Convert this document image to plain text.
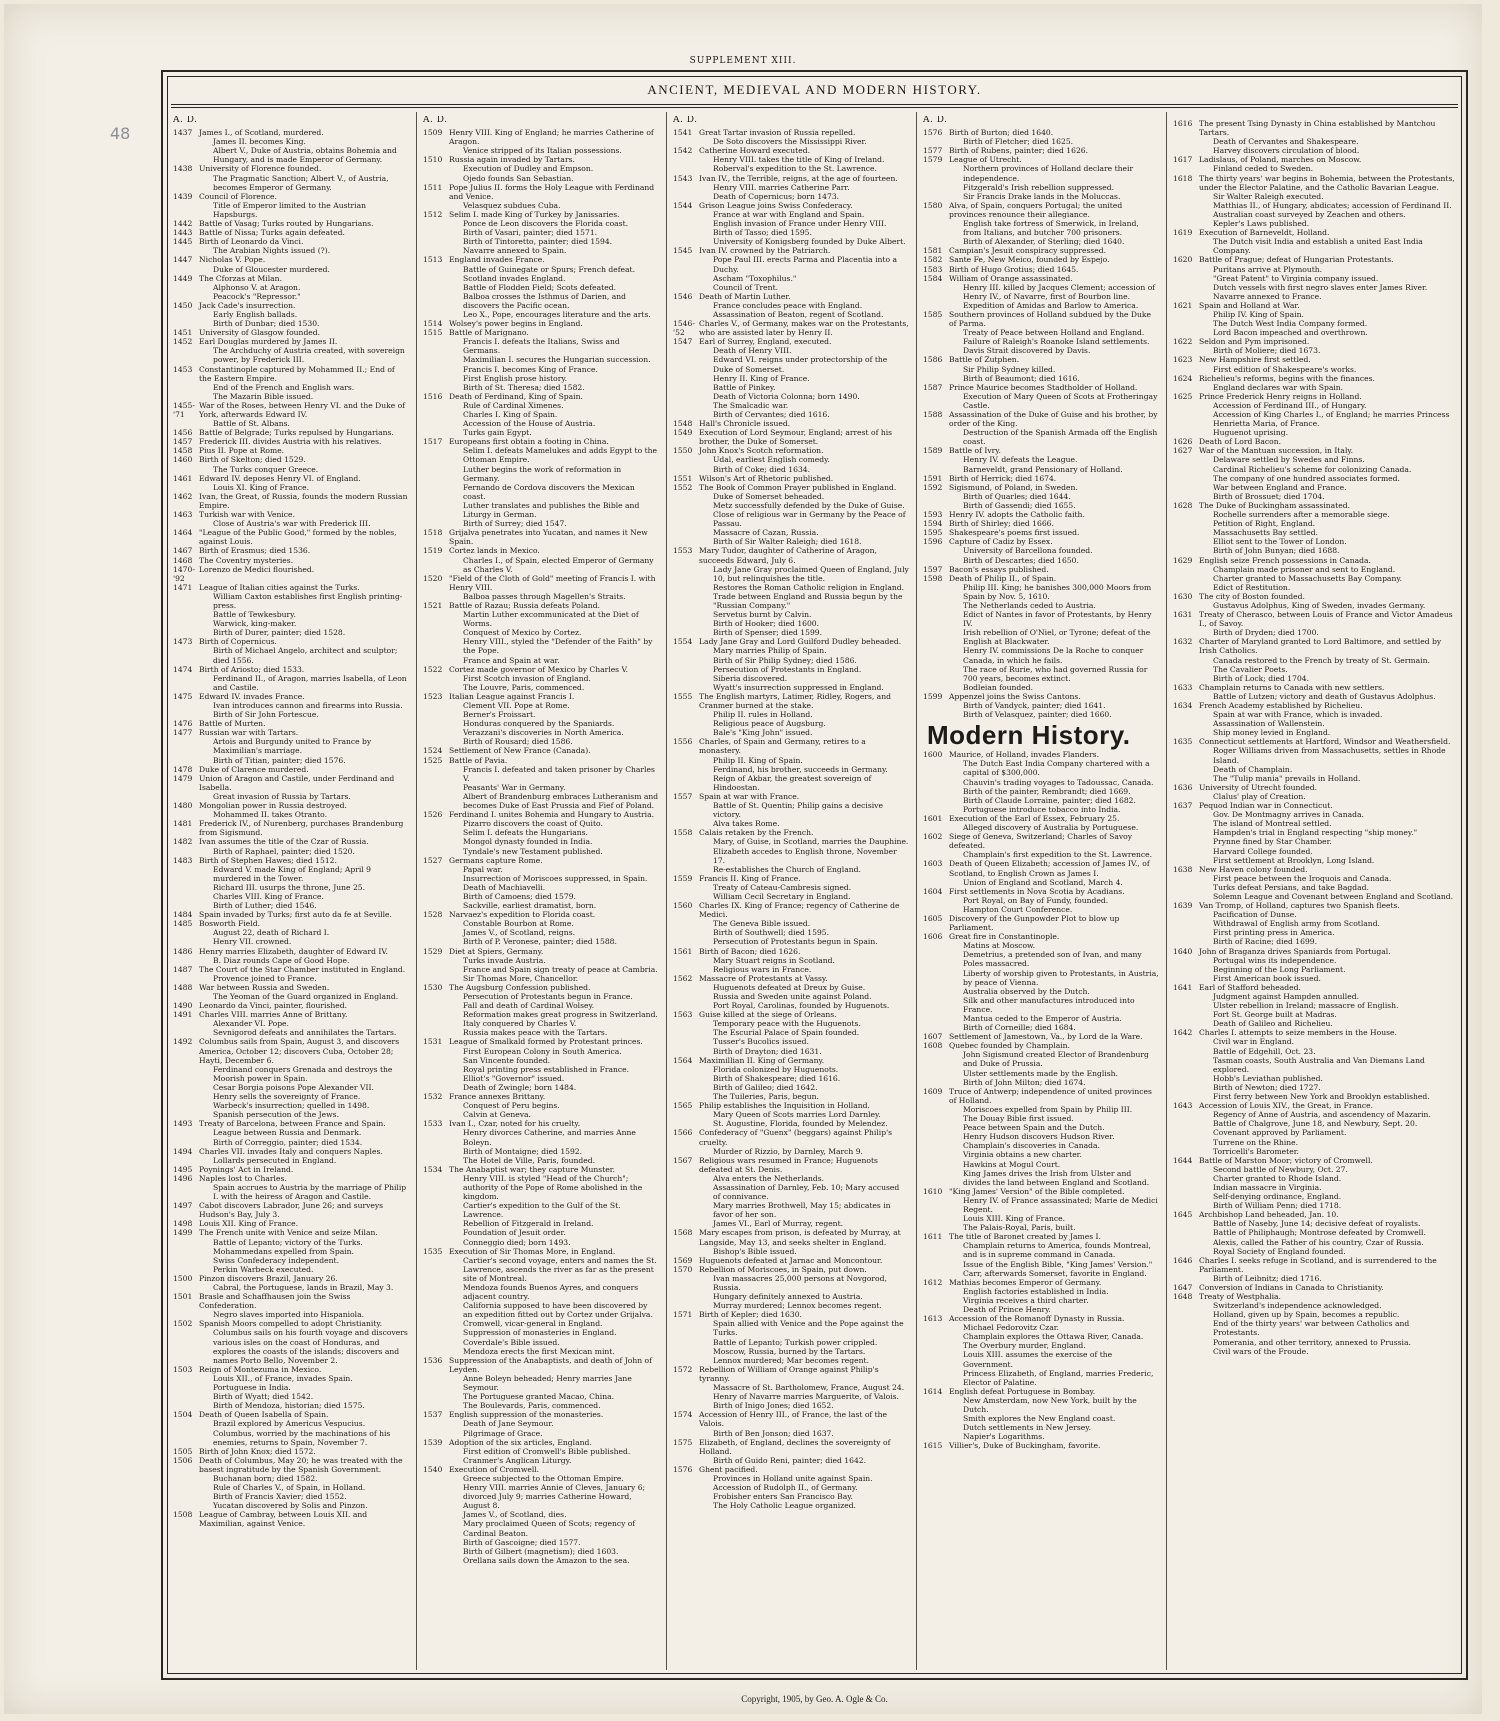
48
SUPPLEMENT XIII.
ANCIENT, MEDIEVAL AND MODERN HISTORY.
A. D.
1437 James I., of Scotland, murdered.
James II. becomes King.
Albert V., Duke of Austria, obtains Bohemia and Hungary, and is made Emperor of Germany.
1438 University of Florence founded.
The Pragmatic Sanction; Albert V., of Austria, becomes Emperor of Germany.
1439 Council of Florence.
Title of Emperor limited to the Austrian Hapsburgs.
1442 Battle of Vasag; Turks routed by Hungarians.
1443 Battle of Nissa; Turks again defeated.
1445 Birth of Leonardo da Vinci.
The Arabian Nights issued (?).
1447 Nicholas V. Pope.
Duke of Gloucester murdered.
1449 The Cforzas at Milan.
Alphonso V. at Aragon.
Peacock's "Repressor."
1450 Jack Cade's insurrection.
Early English ballads.
Birth of Dunbar; died 1530.
1451 University of Glasgow founded.
1452 Earl Douglas murdered by James II.
The Archduchy of Austria created, with sovereign power, by Frederick III.
1453 Constantinople captured by Mohammed II.; End of the Eastern Empire.
End of the French and English wars.
The Mazarin Bible issued.
1455-'71
War of the Roses, between Henry VI. and the Duke of York, afterwards Edward IV.
Battle of St. Albans.
1456 Battle of Belgrade; Turks repulsed by Hungarians.
1457 Frederick III. divides Austria with his relatives.
1458 Pius II. Pope at Rome.
1460 Birth of Skelton; died 1529.
The Turks conquer Greece.
1461 Edward IV. deposes Henry VI. of England.
Louis XI. King of France.
1462 Ivan, the Great, of Russia, founds the modern Russian Empire.
1463 Turkish war with Venice.
Close of Austria's war with Frederick III.
1464 "League of the Public Good," formed by the nobles, against Louis.
1467 Birth of Erasmus; died 1536.
1468 The Coventry mysteries.
1470-'92
Lorenzo de Medici flourished.
1471 League of Italian cities against the Turks.
William Caxton establishes first English printing-press.
Battle of Tewkesbury.
Warwick, king-maker.
Birth of Durer, painter; died 1528.
1473 Birth of Copernicus.
Birth of Michael Angelo, architect and sculptor; died 1556.
1474 Birth of Ariosto; died 1533.
Ferdinand II., of Aragon, marries Isabella, of Leon and Castile.
1475 Edward IV. invades France.
Ivan introduces cannon and firearms into Russia.
Birth of Sir John Fortescue.
1476 Battle of Murten.
1477 Russian war with Tartars.
Artois and Burgundy united to France by Maximilian's marriage.
Birth of Titian, painter; died 1576.
1478 Duke of Clarence murdered.
1479 Union of Aragon and Castile, under Ferdinand and Isabella.
Great invasion of Russia by Tartars.
1480 Mongolian power in Russia destroyed.
Mohammed II. takes Otranto.
1481 Frederick IV., of Nurenberg, purchases Brandenburg from Sigismund.
1482 Ivan assumes the title of the Czar of Russia.
Birth of Raphael, painter; died 1520.
1483 Birth of Stephen Hawes; died 1512.
Edward V. made King of England; April 9 murdered in the Tower.
Richard III. usurps the throne, June 25.
Charles VIII. King of France.
Birth of Luther; died 1546.
1484 Spain invaded by Turks; first auto da fe at Seville.
1485 Bosworth Field.
August 22, death of Richard I.
Henry VII. crowned.
1486 Henry marries Elizabeth, daughter of Edward IV.
B. Diaz rounds Cape of Good Hope.
1487 The Court of the Star Chamber instituted in England.
Provence joined to France.
1488 War between Russia and Sweden.
The Yeoman of the Guard organized in England.
1490 Leonardo da Vinci, painter, flourished.
1491 Charles VIII. marries Anne of Brittany.
Alexander VI. Pope.
Sevnigorod defeats and annihilates the Tartars.
1492 Columbus sails from Spain, August 3, and discovers America, October 12; discovers Cuba, October 28; Hayti, December 6.
Ferdinand conquers Grenada and destroys the Moorish power in Spain.
Cesar Borgia poisons Pope Alexander VII.
Henry sells the sovereignty of France.
Warbeck's insurrection; quelled in 1498.
Spanish persecution of the Jews.
1493 Treaty of Barcelona, between France and Spain.
League between Russia and Denmark.
Birth of Correggio, painter; died 1534.
1494 Charles VII. invades Italy and conquers Naples.
Lollards persecuted in England.
1495 Poynings' Act in Ireland.
1496 Naples lost to Charles.
Spain accrues to Austria by the marriage of Philip I. with the heiress of Aragon and Castile.
1497 Cabot discovers Labrador, June 26; and surveys Hudson's Bay, July 3.
1498 Louis XII. King of France.
1499 The French unite with Venice and seize Milan.
Battle of Lepanto; victory of the Turks.
Mohammedans expelled from Spain.
Swiss Confederacy independent.
Perkin Warbeck executed.
1500 Pinzon discovers Brazil, January 26.
Cabral, the Portuguese, lands in Brazil, May 3.
1501 Brasle and Schaffhausen join the Swiss Confederation.
Negro slaves imported into Hispaniola.
1502 Spanish Moors compelled to adopt Christianity.
Columbus sails on his fourth voyage and discovers various isles on the coast of Honduras, and explores the coasts of the islands; discovers and names Porto Bello, November 2.
1503 Reign of Montezuma in Mexico.
Louis XII., of France, invades Spain.
Portuguese in India.
Birth of Wyatt; died 1542.
Birth of Mendoza, historian; died 1575.
1504 Death of Queen Isabella of Spain.
Brazil explored by Americus Vespucius.
Columbus, worried by the machinations of his enemies, returns to Spain, November 7.
1505 Birth of John Knox; died 1572.
1506 Death of Columbus, May 20; he was treated with the basest ingratitude by the Spanish Government.
Buchanan born; died 1582.
Rule of Charles V., of Spain, in Holland.
Birth of Francis Xavier; died 1552.
Yucatan discovered by Solis and Pinzon.
1508 League of Cambray, between Louis XII. and Maximilian, against Venice.
A. D.
1509 Henry VIII. King of England; he marries Catherine of Aragon.
Venice stripped of its Italian possessions.
1510 Russia again invaded by Tartars.
Execution of Dudley and Empson.
Ojedo founds San Sebastian.
1511 Pope Julius II. forms the Holy League with Ferdinand and Venice.
Velasquez subdues Cuba.
1512 Selim I. made King of Turkey by Janissaries.
Ponce de Leon discovers the Florida coast.
Birth of Vasari, painter; died 1571.
Birth of Tintoretto, painter; died 1594.
Navarre annexed to Spain.
1513 England invades France.
Battle of Guinegate or Spurs; French defeat.
Scotland invades England.
Battle of Flodden Field; Scots defeated.
Balboa crosses the Isthmus of Darien, and discovers the Pacific ocean.
Leo X., Pope, encourages literature and the arts.
1514 Wolsey's power begins in England.
1515 Battle of Marignano.
Francis I. defeats the Italians, Swiss and Germans.
Maximilian I. secures the Hungarian succession.
Francis I. becomes King of France.
First English prose history.
Birth of St. Theresa; died 1582.
1516 Death of Ferdinand, King of Spain.
Rule of Cardinal Ximenes.
Charles I. King of Spain.
Accession of the House of Austria.
Turks gain Egypt.
1517 Europeans first obtain a footing in China.
Selim I. defeats Mamelukes and adds Egypt to the Ottoman Empire.
Luther begins the work of reformation in Germany.
Fernando de Cordova discovers the Mexican coast.
Luther translates and publishes the Bible and Liturgy in German.
Birth of Surrey; died 1547.
1518 Grijalva penetrates into Yucatan, and names it New Spain.
1519 Cortez lands in Mexico.
Charles I., of Spain, elected Emperor of Germany as Charles V.
1520 "Field of the Cloth of Gold" meeting of Francis I. with Henry VIII.
Balboa passes through Magellen's Straits.
1521 Battle of Razau; Russia defeats Poland.
Martin Luther excommunicated at the Diet of Worms.
Conquest of Mexico by Cortez.
Henry VIII., styled the "Defender of the Faith" by the Pope.
France and Spain at war.
1522 Cortez made governor of Mexico by Charles V.
First Scotch invasion of England.
The Louvre, Paris, commenced.
1523 Italian League against Francis I.
Clement VII. Pope at Rome.
Berner's Froissart.
Honduras conquered by the Spaniards.
Verazzani's discoveries in North America.
Birth of Rousard; died 1586.
1524 Settlement of New France (Canada).
1525 Battle of Pavia.
Francis I. defeated and taken prisoner by Charles V.
Peasants' War in Germany.
Albert of Brandenburg embraces Lutheranism and becomes Duke of East Prussia and Fief of Poland.
1526 Ferdinand I. unites Bohemia and Hungary to Austria.
Pizarro discovers the coast of Quito.
Selim I. defeats the Hungarians.
Mongol dynasty founded in India.
Tyndale's new Testament published.
1527 Germans capture Rome.
Papal war.
Insurrection of Moriscoes suppressed, in Spain.
Death of Machiavelli.
Birth of Camoens; died 1579.
Sackville, earliest dramatist, born.
1528 Narvaez's expedition to Florida coast.
Constable Bourbon at Rome.
James V., of Scotland, reigns.
Birth of P. Veronese, painter; died 1588.
1529 Diet at Spiers, Germany.
Turks invade Austria.
France and Spain sign treaty of peace at Cambria.
Sir Thomas More, Chancellor.
1530 The Augsburg Confession published.
Persecution of Protestants begun in France.
Fall and death of Cardinal Wolsey.
Reformation makes great progress in Switzerland.
Italy conquered by Charles V.
Russia makes peace with the Tartars.
1531 League of Smalkald formed by Protestant princes.
First European Colony in South America.
San Vincente founded.
Royal printing press established in France.
Elliot's "Governor" issued.
Death of Zwingle; born 1484.
1532 France annexes Brittany.
Conquest of Peru begins.
Calvin at Geneva.
1533 Ivan I., Czar, noted for his cruelty.
Henry divorces Catherine, and marries Anne Boleyn.
Birth of Montaigne; died 1592.
The Hotel de Ville, Paris, founded.
1534 The Anabaptist war; they capture Munster.
Henry VIII. is styled "Head of the Church"; authority of the Pope of Rome abolished in the kingdom.
Cartier's expedition to the Gulf of the St. Lawrence.
Rebellion of Fitzgerald in Ireland.
Foundation of Jesuit order.
Conneggio died; born 1493.
1535 Execution of Sir Thomas More, in England.
Cartier's second voyage, enters and names the St. Lawrence, ascends the river as far as the present site of Montreal.
Mendoza founds Buenos Ayres, and conquers adjacent country.
California supposed to have been discovered by an expedition fitted out by Cortez under Grijalva.
Cromwell, vicar-general in England.
Suppression of monasteries in England.
Coverdale's Bible issued.
Mendoza erects the first Mexican mint.
1536 Suppression of the Anabaptists, and death of John of Leyden.
Anne Boleyn beheaded; Henry marries Jane Seymour.
The Portuguese granted Macao, China.
The Boulevards, Paris, commenced.
1537 English suppression of the monasteries.
Death of Jane Seymour.
Pilgrimage of Grace.
1539 Adoption of the six articles, England.
First edition of Cromwell's Bible published.
Cranmer's Anglican Liturgy.
1540 Execution of Cromwell.
Greece subjected to the Ottoman Empire.
Henry VIII. marries Annie of Cleves, January 6; divorced July 9; marries Catherine Howard, August 8.
James V., of Scotland, dies.
Mary proclaimed Queen of Scots; regency of Cardinal Beaton.
Birth of Gascoigne; died 1577.
Birth of Gilbert (magnetism); died 1603.
Orellana sails down the Amazon to the sea.
A. D.
1541 Great Tartar invasion of Russia repelled.
De Soto discovers the Mississippi River.
1542 Catherine Howard executed.
Henry VIII. takes the title of King of Ireland.
Roberval's expedition to the St. Lawrence.
1543 Ivan IV., the Terrible, reigns, at the age of fourteen.
Henry VIII. marries Catherine Parr.
Death of Copernicus; born 1473.
1544 Grison League joins Swiss Confederacy.
France at war with England and Spain.
English invasion of France under Henry VIII.
Birth of Tasso; died 1595.
University of Konigsberg founded by Duke Albert.
1545 Ivan IV. crowned by the Patriarch.
Pope Paul III. erects Parma and Placentia into a Duchy.
Ascham "Toxophilus."
Council of Trent.
1546 Death of Martin Luther.
France concludes peace with England.
Assassination of Beaton, regent of Scotland.
1546-'52
Charles V., of Germany, makes war on the Protestants, who are assisted later by Henry II.
1547 Earl of Surrey, England, executed.
Death of Henry VIII.
Edward VI. reigns under protectorship of the Duke of Somerset.
Henry II. King of France.
Battle of Pinkey.
Death of Victoria Colonna; born 1490.
The Smalcadic war.
Birth of Cervantes; died 1616.
1548 Hall's Chronicle issued.
1549 Execution of Lord Seymour, England; arrest of his brother, the Duke of Somerset.
1550 John Knox's Scotch reformation.
Udal, earliest English comedy.
Birth of Coke; died 1634.
1551 Wilson's Art of Rhetoric published.
1552 The Book of Common Prayer published in England.
Duke of Somerset beheaded.
Metz successfully defended by the Duke of Guise.
Close of religious war in Germany by the Peace of Passau.
Massacre of Cazan, Russia.
Birth of Sir Walter Raleigh; died 1618.
1553 Mary Tudor, daughter of Catherine of Aragon, succeeds Edward, July 6.
Lady Jane Gray proclaimed Queen of England, July 10, but relinquishes the title.
Restores the Roman Catholic religion in England.
Trade between England and Russia begun by the "Russian Company."
Servetus burnt by Calvin.
Birth of Hooker; died 1600.
Birth of Spenser; died 1599.
1554 Lady Jane Gray and Lord Guilford Dudley beheaded.
Mary marries Philip of Spain.
Birth of Sir Philip Sydney; died 1586.
Persecution of Protestants in England.
Siberia discovered.
Wyatt's insurrection suppressed in England.
1555 The English martyrs, Latimer, Ridley, Rogers, and Cranmer burned at the stake.
Philip II. rules in Holland.
Religious peace of Augsburg.
Bale's "King John" issued.
1556 Charles, of Spain and Germany, retires to a monastery.
Philip II. King of Spain.
Ferdinand, his brother, succeeds in Germany.
Reign of Akbar, the greatest sovereign of Hindoostan.
1557 Spain at war with France.
Battle of St. Quentin; Philip gains a decisive victory.
Alva takes Rome.
1558 Calais retaken by the French.
Mary, of Guise, in Scotland, marries the Dauphine.
Elizabeth accedes to English throne, November 17.
Re-establishes the Church of England.
1559 Francis II. King of France.
Treaty of Cateau-Cambresis signed.
William Cecil Secretary in England.
1560 Charles IX. King of France; regency of Catherine de Medici.
The Geneva Bible issued.
Birth of Southwell; died 1595.
Persecution of Protestants begun in Spain.
1561 Birth of Bacon; died 1626.
Mary Stuart reigns in Scotland.
Religious wars in France.
1562 Massacre of Protestants at Vassy.
Huguenots defeated at Dreux by Guise.
Russia and Sweden unite against Poland.
Port Royal, Carolinas, founded by Huguenots.
1563 Guise killed at the siege of Orleans.
Temporary peace with the Huguenots.
The Escurial Palace of Spain founded.
Tusser's Bucolics issued.
Birth of Drayton; died 1631.
1564 Maximillian II. King of Germany.
Florida colonized by Huguenots.
Birth of Shakespeare; died 1616.
Birth of Galileo; died 1642.
The Tuileries, Paris, begun.
1565 Philip establishes the Inquisition in Holland.
Mary Queen of Scots marries Lord Darnley.
St. Augustine, Florida, founded by Melendez.
1566 Confederacy of "Guenx" (beggars) against Philip's cruelty.
Murder of Rizzio, by Darnley, March 9.
1567 Religious wars resumed in France; Huguenots defeated at St. Denis.
Alva enters the Netherlands.
Assassination of Darnley, Feb. 10; Mary accused of connivance.
Mary marries Brothwell, May 15; abdicates in favor of her son.
James VI., Earl of Murray, regent.
1568 Mary escapes from prison, is defeated by Murray, at Langside, May 13, and seeks shelter in England.
Bishop's Bible issued.
1569 Huguenots defeated at Jarnac and Moncontour.
1570 Rebellion of Moriscoes, in Spain, put down.
Ivan massacres 25,000 persons at Novgorod, Russia.
Hungary definitely annexed to Austria.
Murray murdered; Lennox becomes regent.
1571 Birth of Kepler; died 1630.
Spain allied with Venice and the Pope against the Turks.
Battle of Lepanto; Turkish power crippled.
Moscow, Russia, burned by the Tartars.
Lennox murdered; Mar becomes regent.
1572 Rebellion of William of Orange against Philip's tyranny.
Massacre of St. Bartholomew, France, August 24.
Henry of Navarre marries Marguerite, of Valois.
Birth of Inigo Jones; died 1652.
1574 Accession of Henry III., of France, the last of the Valois.
Birth of Ben Jonson; died 1637.
1575 Elizabeth, of England, declines the sovereignty of Holland.
Birth of Guido Reni, painter; died 1642.
1576 Ghent pacified.
Provinces in Holland unite against Spain.
Accession of Rudolph II., of Germany.
Frobisher enters San Francisco Bay.
The Holy Catholic League organized.
A. D.
1576 Birth of Burton; died 1640.
Birth of Fletcher; died 1625.
1577 Birth of Rubens, painter; died 1626.
1579 League of Utrecht.
Northern provinces of Holland declare their independence.
Fitzgerald's Irish rebellion suppressed.
Sir Francis Drake lands in the Moluccas.
1580 Alva, of Spain, conquers Portugal; the united provinces renounce their allegiance.
English take fortress of Smerwick, in Ireland, from Italians, and butcher 700 prisoners.
Birth of Alexander, of Sterling; died 1640.
1581 Campian's Jesuit conspiracy suppressed.
1582 Sante Fe, New Meico, founded by Espejo.
1583 Birth of Hugo Grotius; died 1645.
1584 William of Orange assassinated.
Henry III. killed by Jacques Clement; accession of Henry IV., of Navarre, first of Bourbon line.
Expedition of Amidas and Barlow to America.
1585 Southern provinces of Holland subdued by the Duke of Parma.
Treaty of Peace between Holland and England.
Failure of Raleigh's Roanoke Island settlements.
Davis Strait discovered by Davis.
1586 Battle of Zutphen.
Sir Philip Sydney killed.
Birth of Beaumont; died 1616.
1587 Prince Maurice becomes Stadtholder of Holland.
Execution of Mary Queen of Scots at Frotheringay Castle.
1588 Assassination of the Duke of Guise and his brother, by order of the King.
Destruction of the Spanish Armada off the English coast.
1589 Battle of Ivry.
Henry IV. defeats the League.
Barneveldt, grand Pensionary of Holland.
1591 Birth of Herrick; died 1674.
1592 Sigismund, of Poland, in Sweden.
Birth of Quarles; died 1644.
Birth of Gassendi; died 1655.
1593 Henry IV. adopts the Catholic faith.
1594 Birth of Shirley; died 1666.
1595 Shakespeare's poems first issued.
1596 Capture of Cadiz by Essex.
University of Barcellona founded.
Birth of Descartes; died 1650.
1597 Bacon's essays published.
1598 Death of Philip II., of Spain.
Philip III. King; he banishes 300,000 Moors from Spain by Nov. 5, 1610.
The Netherlands ceded to Austria.
Edict of Nantes in favor of Protestants, by Henry IV.
Irish rebellion of O'Niel, or Tyrone; defeat of the English at Blackwater.
Henry IV. commissions De la Roche to conquer Canada, in which he fails.
The race of Rurie, who had governed Russia for 700 years, becomes extinct.
Bodleian founded.
1599 Appenzel joins the Swiss Cantons.
Birth of Vandyck, painter; died 1641.
Birth of Velasquez, painter; died 1660.
Modern History.
1600 Maurice, of Holland, invades Flanders.
The Dutch East India Company chartered with a capital of $300,000.
Chauvin's trading voyages to Tadoussac, Canada.
Birth of the painter, Rembrandt; died 1669.
Birth of Claude Lorraine, painter; died 1682.
Portuguese introduce tobacco into India.
1601 Execution of the Earl of Essex, February 25.
Alleged discovery of Australia by Portuguese.
1602 Siege of Geneva, Switzerland; Charles of Savoy defeated.
Champlain's first expedition to the St. Lawrence.
1603 Death of Queen Elizabeth; accession of James IV., of Scotland, to English Crown as James I.
Union of England and Scotland, March 4.
1604 First settlements in Nova Scotia by Acadians.
Port Royal, on Bay of Fundy, founded.
Hampton Court Conference.
1605 Discovery of the Gunpowder Plot to blow up Parliament.
1606 Great fire in Constantinople.
Matins at Moscow.
Demetrius, a pretended son of Ivan, and many Poles massacred.
Liberty of worship given to Protestants, in Austria, by peace of Vienna.
Australia observed by the Dutch.
Silk and other manufactures introduced into France.
Mantua ceded to the Emperor of Austria.
Birth of Corneille; died 1684.
1607 Settlement of Jamestown, Va., by Lord de la Ware.
1608 Quebec founded by Champlain.
John Sigismund created Elector of Brandenburg and Duke of Prussia.
Ulster settlements made by the English.
Birth of John Milton; died 1674.
1609 Truce of Antwerp; independence of united provinces of Holland.
Moriscoes expelled from Spain by Philip III.
The Douay Bible first issued.
Peace between Spain and the Dutch.
Henry Hudson discovers Hudson River.
Champlain's discoveries in Canada.
Virginia obtains a new charter.
Hawkins at Mogul Court.
King James drives the Irish from Ulster and divides the land between England and Scotland.
1610 "King James' Version" of the Bible completed.
Henry IV. of France assassinated; Marie de Medici Regent.
Louis XIII. King of France.
The Palais-Royal, Paris, built.
1611 The title of Baronet created by James I.
Champlain returns to America, founds Montreal, and is in supreme command in Canada.
Issue of the English Bible, "King James' Version."
Carr, afterwards Somerset, favorite in England.
1612 Mathias becomes Emperor of Germany.
English factories established in India.
Virginia receives a third charter.
Death of Prince Henry.
1613 Accession of the Romanoff Dynasty in Russia.
Michael Fedorovitz Czar.
Champlain explores the Ottawa River, Canada.
The Overbury murder, England.
Louis XIII. assumes the exercise of the Government.
Princess Elizabeth, of England, marries Frederic, Elector of Palatine.
1614 English defeat Portuguese in Bombay.
New Amsterdam, now New York, built by the Dutch.
Smith explores the New England coast.
Dutch settlements in New Jersey.
Napier's Logarithms.
1615 Villier's, Duke of Buckingham, favorite.
1616 The present Tsing Dynasty in China established by Mantchou Tartars.
Death of Cervantes and Shakespeare.
Harvey discovers circulation of blood.
1617 Ladislaus, of Poland, marches on Moscow.
Finland ceded to Sweden.
1618 The thirty years' war begins in Bohemia, between the Protestants, under the Elector Palatine, and the Catholic Bavarian League.
Sir Walter Raleigh executed.
Matthias II., of Hungary, abdicates; accession of Ferdinand II.
Australian coast surveyed by Zeachen and others.
Kepler's Laws published.
1619 Execution of Barneveldt, Holland.
The Dutch visit India and establish a united East India Company.
1620 Battle of Prague; defeat of Hungarian Protestants.
Puritans arrive at Plymouth.
"Great Patent" to Virginia company issued.
Dutch vessels with first negro slaves enter James River.
Navarre annexed to France.
1621 Spain and Holland at War.
Philip IV. King of Spain.
The Dutch West India Company formed.
Lord Bacon impeached and overthrown.
1622 Seldon and Pym imprisoned.
Birth of Moliere; died 1673.
1623 New Hampshire first settled.
First edition of Shakespeare's works.
1624 Richelieu's reforms, begins with the finances.
England declares war with Spain.
1625 Prince Frederick Henry reigns in Holland.
Accession of Ferdinand III., of Hungary.
Accession of King Charles I., of England; he marries Princess Henrietta Maria, of France.
Huguenot uprising.
1626 Death of Lord Bacon.
1627 War of the Mantuan succession, in Italy.
Delaware settled by Swedes and Finns.
Cardinal Richelieu's scheme for colonizing Canada.
The company of one hundred associates formed.
War between England and France.
Birth of Brossuet; died 1704.
1628 The Duke of Buckingham assassinated.
Rochelle surrenders after a memorable siege.
Petition of Right, England.
Massachusetts Bay settled.
Elliot sent to the Tower of London.
Birth of John Bunyan; died 1688.
1629 English seize French possessions in Canada.
Champlain made prisoner and sent to England.
Charter granted to Massachusetts Bay Company.
Edict of Restitution.
1630 The city of Boston founded.
Gustavus Adolphus, King of Sweden, invades Germany.
1631 Treaty of Cherasco, between Louis of France and Victor Amadeus I., of Savoy.
Birth of Dryden; died 1700.
1632 Charter of Maryland granted to Lord Baltimore, and settled by Irish Catholics.
Canada restored to the French by treaty of St. Germain.
The Cavalier Poets.
Birth of Lock; died 1704.
1633 Champlain returns to Canada with new settlers.
Battle of Lutzen; victory and death of Gustavus Adolphus.
1634 French Academy established by Richelieu.
Spain at war with France, which is invaded.
Assassination of Wallenstein.
Ship money levied in England.
1635 Connecticut settlements at Hartford, Windsor and Weathersfield.
Roger Williams driven from Massachusetts, settles in Rhode Island.
Death of Champlain.
The "Tulip mania" prevails in Holland.
1636 University of Utrecht founded.
Clalus' play of Creation.
1637 Pequod Indian war in Connecticut.
Gov. De Montmagny arrives in Canada.
The island of Montreal settled.
Hampden's trial in England respecting "ship money."
Prynne fined by Star Chamber.
Harvard College founded.
First settlement at Brooklyn, Long Island.
1638 New Haven colony founded.
First peace between the Iroquois and Canada.
Turks defeat Persians, and take Bagdad.
Solemn League and Covenant between England and Scotland.
1639 Van Tromp, of Holland, captures two Spanish fleets.
Pacification of Dunse.
Withdrawal of English army from Scotland.
First printing press in America.
Birth of Racine; died 1699.
1640 John of Braganza drives Spaniards from Portugal.
Portugal wins its independence.
Beginning of the Long Parliament.
First American book issued.
1641 Earl of Stafford beheaded.
Judgment against Hampden annulled.
Ulster rebellion in Ireland; massacre of English.
Fort St. George built at Madras.
Death of Galileo and Richelieu.
1642 Charles I. attempts to seize members in the House.
Civil war in England.
Battle of Edgehill, Oct. 23.
Tasman coasts, South Australia and Van Diemans Land explored.
Hobb's Leviathan published.
Birth of Newton; died 1727.
First ferry between New York and Brooklyn established.
1643 Accession of Louis XIV., the Great, in France.
Regency of Anne of Austria, and ascendency of Mazarin.
Battle of Chalgrove, June 18, and Newbury, Sept. 20.
Covenant approved by Parliament.
Turrene on the Rhine.
Torricelli's Barometer.
1644 Battle of Marston Moor; victory of Cromwell.
Second battle of Newbury, Oct. 27.
Charter granted to Rhode Island.
Indian massacre in Virginia.
Self-denying ordinance, England.
Birth of William Penn; died 1718.
1645 Archbishop Land beheaded, Jan. 10.
Battle of Naseby, June 14; decisive defeat of royalists.
Battle of Philiphaugh; Montrose defeated by Cromwell.
Alexis, called the Father of his country, Czar of Russia.
Royal Society of England founded.
1646 Charles I. seeks refuge in Scotland, and is surrendered to the Parliament.
Birth of Leibnitz; died 1716.
1647 Conversion of Indians in Canada to Christianity.
1648 Treaty of Westphalia.
Switzerland's independence acknowledged.
Holland, given up by Spain, becomes a republic.
End of the thirty years' war between Catholics and Protestants.
Pomerania, and other territory, annexed to Prussia.
Civil wars of the Froude.
Copyright, 1905, by Geo. A. Ogle & Co.
